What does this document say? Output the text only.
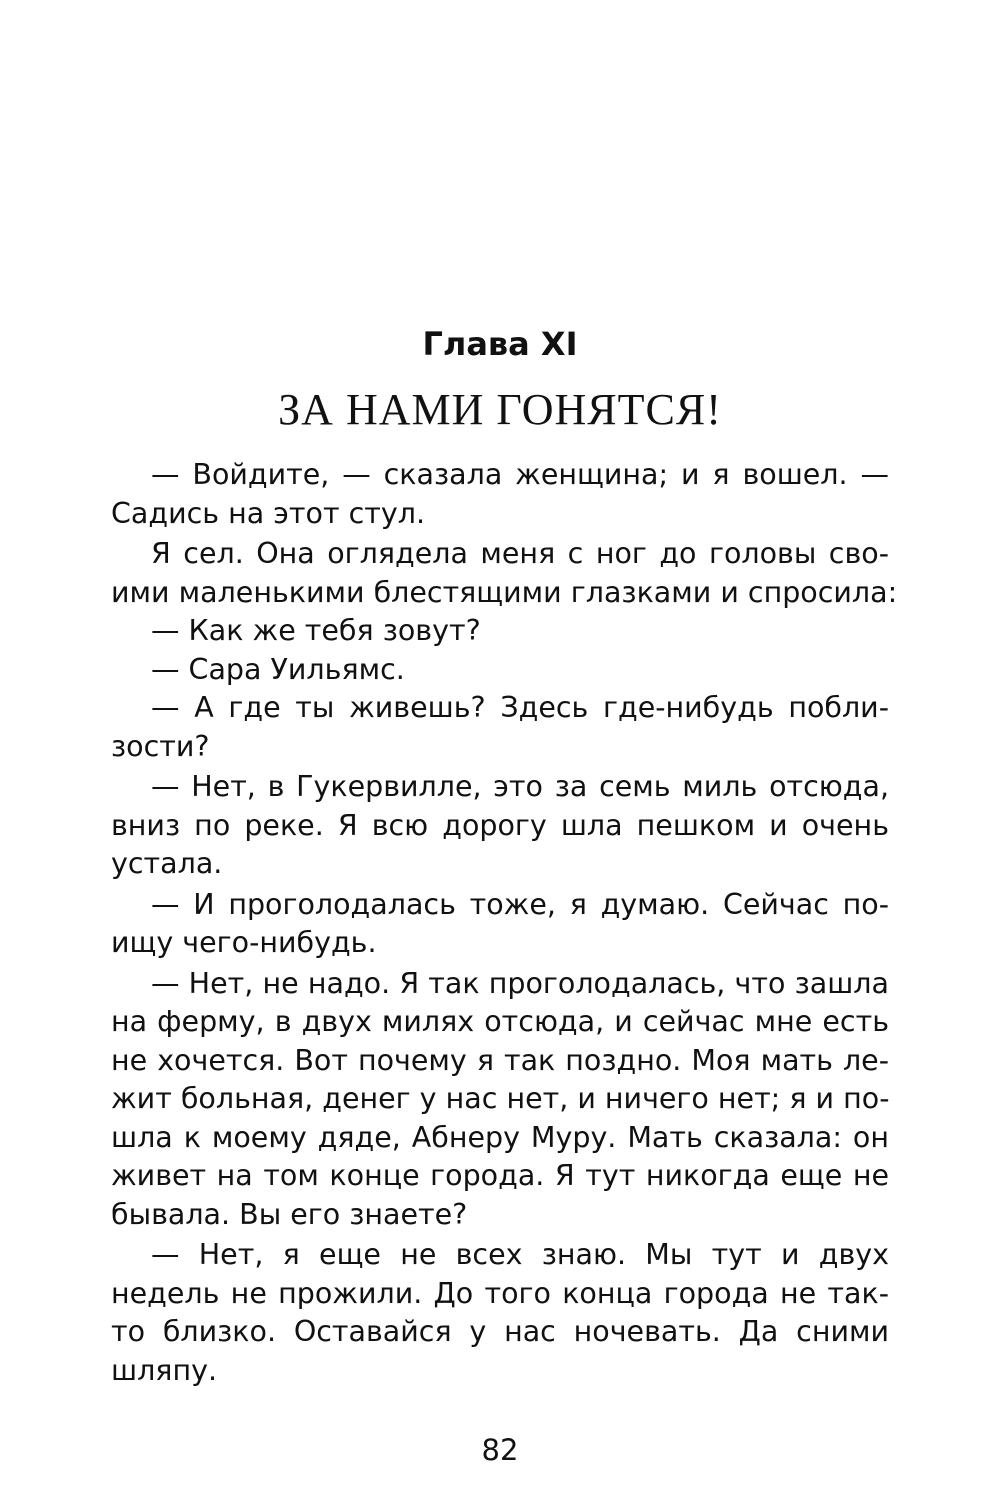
Глава XI
ЗА НАМИ ГОНЯТСЯ!
— Войдите, — сказала женщина; и я вошел. —
Садись на этот стул.
Я сел. Она оглядела меня с ног до головы сво-
ими маленькими блестящими глазками и спросила:
— Как же тебя зовут?
— Сара Уильямс.
— А где ты живешь? Здесь где-нибудь побли-
зости?
— Нет, в Гукервилле, это за семь миль отсюда,
вниз по реке. Я всю дорогу шла пешком и очень
устала.
— И проголодалась тоже, я думаю. Сейчас по-
ищу чего-нибудь.
— Нет, не надо. Я так проголодалась, что зашла
на ферму, в двух милях отсюда, и сейчас мне есть
не хочется. Вот почему я так поздно. Моя мать ле-
жит больная, денег у нас нет, и ничего нет; я и по-
шла к моему дяде, Абнеру Муру. Мать сказала: он
живет на том конце города. Я тут никогда еще не
бывала. Вы его знаете?
— Нет, я еще не всех знаю. Мы тут и двух
недель не прожили. До того конца города не так-
то близко. Оставайся у нас ночевать. Да сними
шляпу.
82
